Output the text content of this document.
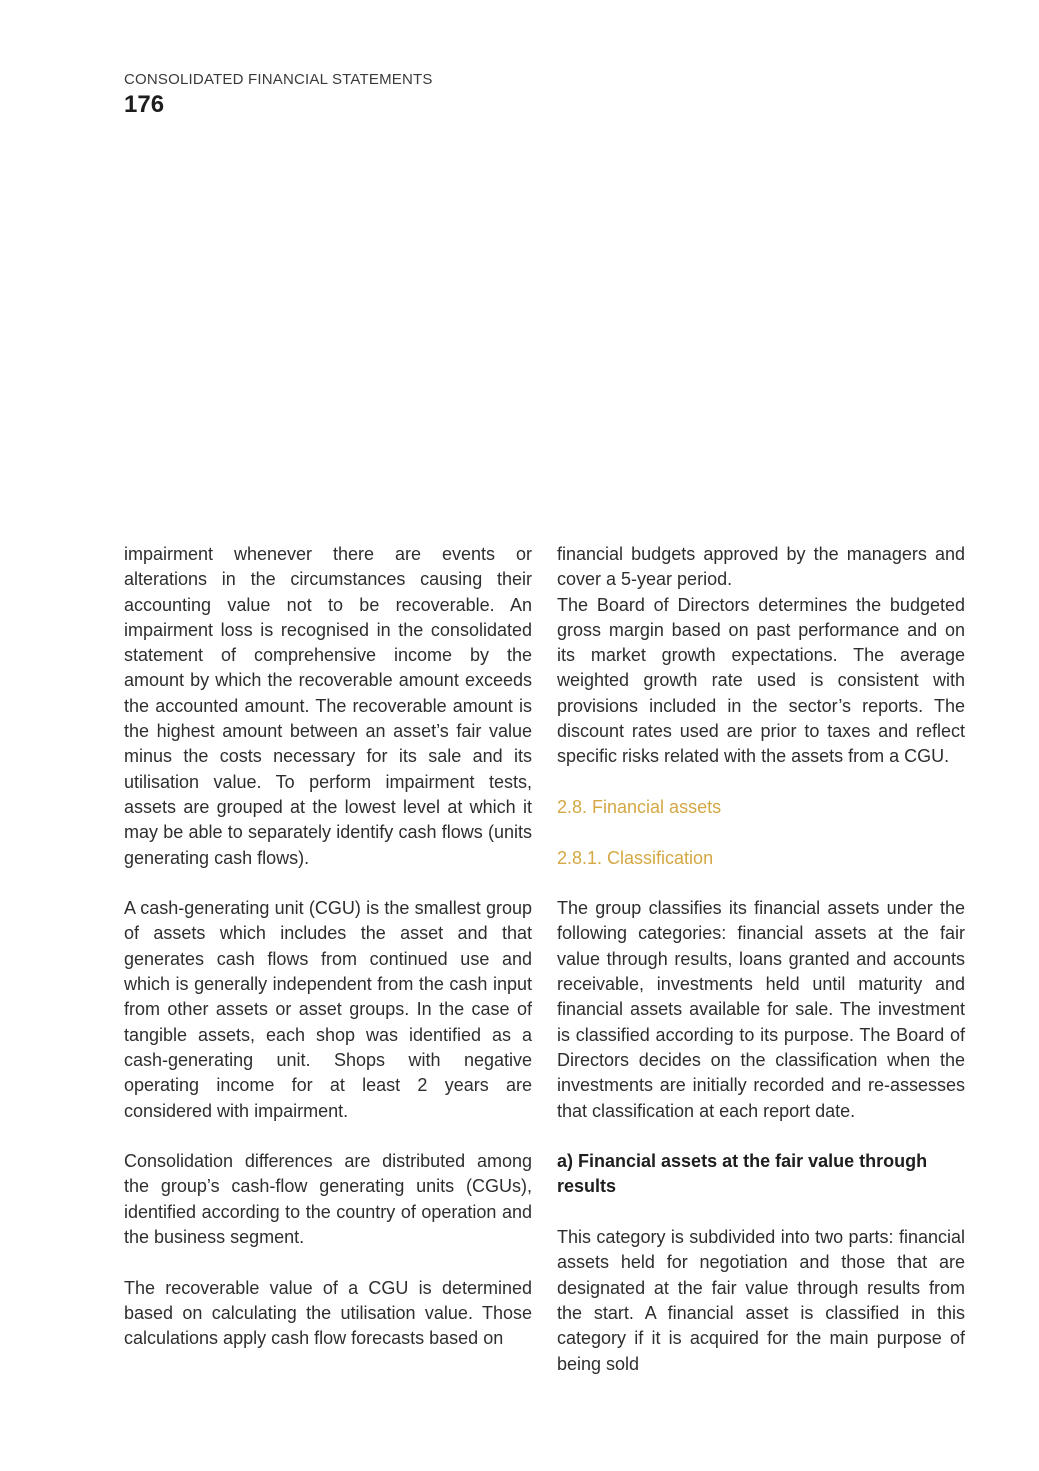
CONSOLIDATED FINANCIAL STATEMENTS
176

impairment whenever there are events or alterations in the circumstances causing their accounting value not to be recoverable. An impairment loss is recognised in the consolidated statement of comprehensive income by the amount by which the recoverable amount exceeds the accounted amount. The recoverable amount is the highest amount between an asset’s fair value minus the costs necessary for its sale and its utilisation value. To perform impairment tests, assets are grouped at the lowest level at which it may be able to separately identify cash flows (units generating cash flows).

A cash-generating unit (CGU) is the smallest group of assets which includes the asset and that generates cash flows from continued use and which is generally independent from the cash input from other assets or asset groups. In the case of tangible assets, each shop was identified as a cash-generating unit. Shops with negative operating income for at least 2 years are considered with impairment.

Consolidation differences are distributed among the group’s cash-flow generating units (CGUs), identified according to the country of operation and the business segment.

The recoverable value of a CGU is determined based on calculating the utilisation value. Those calculations apply cash flow forecasts based on

financial budgets approved by the managers and cover a 5-year period.

The Board of Directors determines the budgeted gross margin based on past performance and on its market growth expectations. The average weighted growth rate used is consistent with provisions included in the sector’s reports. The discount rates used are prior to taxes and reflect specific risks related with the assets from a CGU.

2.8. Financial assets

2.8.1. Classification

The group classifies its financial assets under the following categories: financial assets at the fair value through results, loans granted and accounts receivable, investments held until maturity and financial assets available for sale. The investment is classified according to its purpose. The Board of Directors decides on the classification when the investments are initially recorded and re-assesses that classification at each report date.

a) Financial assets at the fair value through results

This category is subdivided into two parts: financial assets held for negotiation and those that are designated at the fair value through results from the start. A financial asset is classified in this category if it is acquired for the main purpose of being sold
